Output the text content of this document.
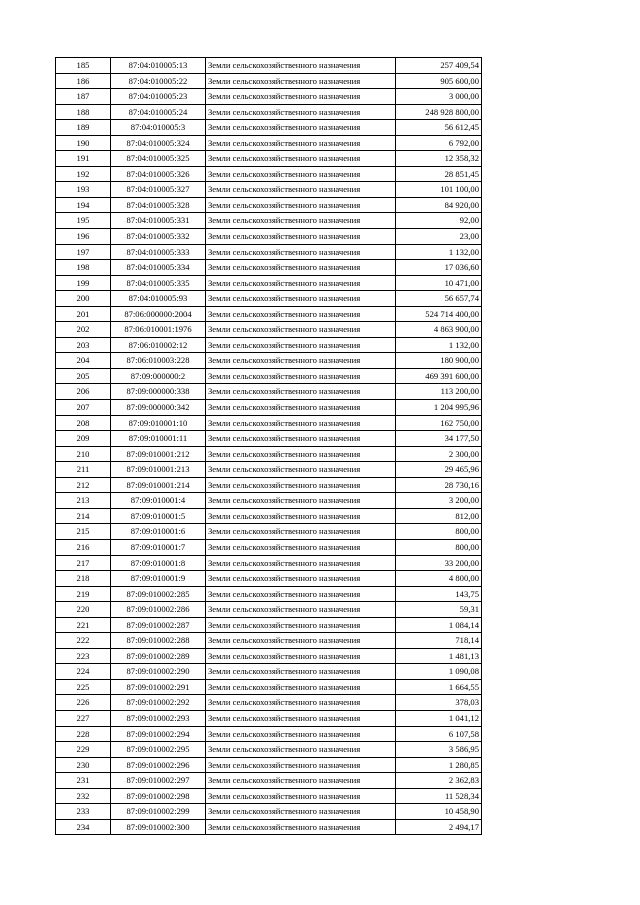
185	87:04:010005:13	Земли сельскохозяйственного назначения	257 409,54
186	87:04:010005:22	Земли сельскохозяйственного назначения	905 600,00
187	87:04:010005:23	Земли сельскохозяйственного назначения	3 000,00
188	87:04:010005:24	Земли сельскохозяйственного назначения	248 928 800,00
189	87:04:010005:3	Земли сельскохозяйственного назначения	56 612,45
190	87:04:010005:324	Земли сельскохозяйственного назначения	6 792,00
191	87:04:010005:325	Земли сельскохозяйственного назначения	12 358,32
192	87:04:010005:326	Земли сельскохозяйственного назначения	28 851,45
193	87:04:010005:327	Земли сельскохозяйственного назначения	101 100,00
194	87:04:010005:328	Земли сельскохозяйственного назначения	84 920,00
195	87:04:010005:331	Земли сельскохозяйственного назначения	92,00
196	87:04:010005:332	Земли сельскохозяйственного назначения	23,00
197	87:04:010005:333	Земли сельскохозяйственного назначения	1 132,00
198	87:04:010005:334	Земли сельскохозяйственного назначения	17 036,60
199	87:04:010005:335	Земли сельскохозяйственного назначения	10 471,00
200	87:04:010005:93	Земли сельскохозяйственного назначения	56 657,74
201	87:06:000000:2004	Земли сельскохозяйственного назначения	524 714 400,00
202	87:06:010001:1976	Земли сельскохозяйственного назначения	4 863 900,00
203	87:06:010002:12	Земли сельскохозяйственного назначения	1 132,00
204	87:06:010003:228	Земли сельскохозяйственного назначения	180 900,00
205	87:09:000000:2	Земли сельскохозяйственного назначения	469 391 600,00
206	87:09:000000:338	Земли сельскохозяйственного назначения	113 200,00
207	87:09:000000:342	Земли сельскохозяйственного назначения	1 204 995,96
208	87:09:010001:10	Земли сельскохозяйственного назначения	162 750,00
209	87:09:010001:11	Земли сельскохозяйственного назначения	34 177,50
210	87:09:010001:212	Земли сельскохозяйственного назначения	2 300,00
211	87:09:010001:213	Земли сельскохозяйственного назначения	29 465,96
212	87:09:010001:214	Земли сельскохозяйственного назначения	28 730,16
213	87:09:010001:4	Земли сельскохозяйственного назначения	3 200,00
214	87:09:010001:5	Земли сельскохозяйственного назначения	812,00
215	87:09:010001:6	Земли сельскохозяйственного назначения	800,00
216	87:09:010001:7	Земли сельскохозяйственного назначения	800,00
217	87:09:010001:8	Земли сельскохозяйственного назначения	33 200,00
218	87:09:010001:9	Земли сельскохозяйственного назначения	4 800,00
219	87:09:010002:285	Земли сельскохозяйственного назначения	143,75
220	87:09:010002:286	Земли сельскохозяйственного назначения	59,31
221	87:09:010002:287	Земли сельскохозяйственного назначения	1 084,14
222	87:09:010002:288	Земли сельскохозяйственного назначения	718,14
223	87:09:010002:289	Земли сельскохозяйственного назначения	1 481,13
224	87:09:010002:290	Земли сельскохозяйственного назначения	1 090,08
225	87:09:010002:291	Земли сельскохозяйственного назначения	1 664,55
226	87:09:010002:292	Земли сельскохозяйственного назначения	378,03
227	87:09:010002:293	Земли сельскохозяйственного назначения	1 041,12
228	87:09:010002:294	Земли сельскохозяйственного назначения	6 107,58
229	87:09:010002:295	Земли сельскохозяйственного назначения	3 586,95
230	87:09:010002:296	Земли сельскохозяйственного назначения	1 280,85
231	87:09:010002:297	Земли сельскохозяйственного назначения	2 362,83
232	87:09:010002:298	Земли сельскохозяйственного назначения	11 528,34
233	87:09:010002:299	Земли сельскохозяйственного назначения	10 458,90
234	87:09:010002:300	Земли сельскохозяйственного назначения	2 494,17
